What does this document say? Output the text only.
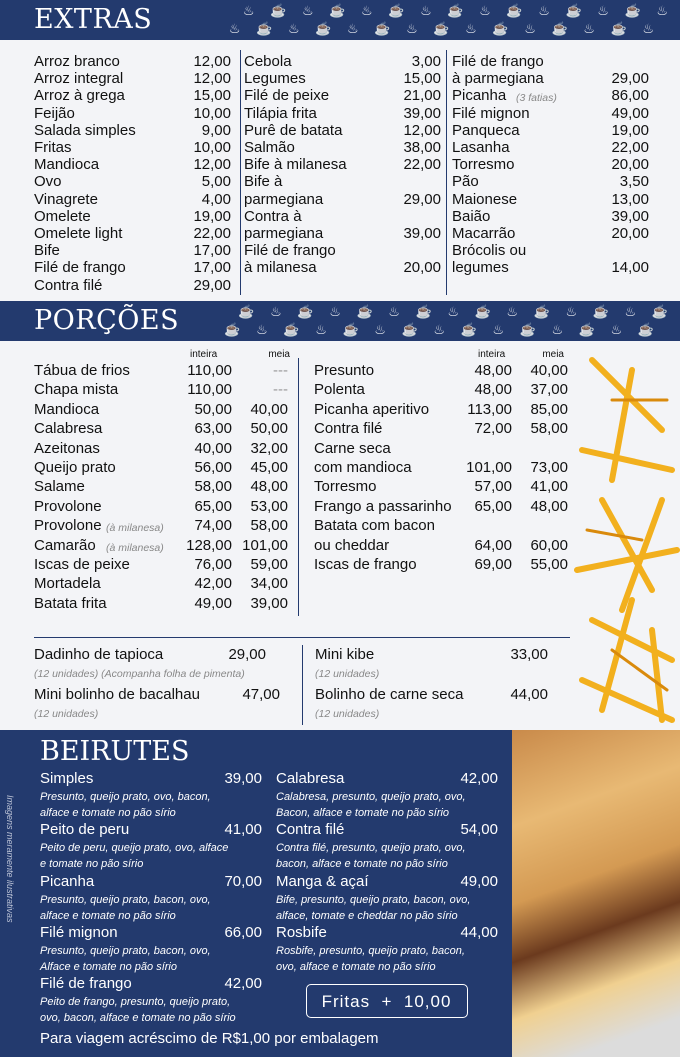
EXTRAS	♨ ☕ ♨ ☕ ♨ ☕ ♨ ☕ ♨ ☕ ♨ ☕ ♨ ☕ ♨
♨ ☕ ♨ ☕ ♨ ☕ ♨ ☕ ♨ ☕ ♨ ☕ ♨ ☕ ♨
Arroz branco	12,00
Arroz integral	12,00
Arroz à grega	15,00
Feijão	10,00
Salada simples	9,00
Fritas	10,00
Mandioca	12,00
Ovo	5,00
Vinagrete	4,00
Omelete	19,00
Omelete light	22,00
Bife	17,00
Filé de frango	17,00
Contra filé	29,00
Cebola	3,00
Legumes	15,00
Filé de peixe	21,00
Tilápia frita	39,00
Purê de batata	12,00
Salmão	38,00
Bife à milanesa	22,00
Bife à
parmegiana	29,00
Contra à
parmegiana	39,00
Filé de frango
à milanesa	20,00
Filé de frango
à parmegiana	29,00
Picanha (3 fatias)	86,00
Filé mignon	49,00
Panqueca	19,00
Lasanha	22,00
Torresmo	20,00
Pão	3,50
Maionese	13,00
Baião	39,00
Macarrão	20,00
Brócolis ou
legumes	14,00
PORÇÕES	☕ ♨ ☕ ♨ ☕ ♨ ☕ ♨ ☕ ♨ ☕ ♨ ☕ ♨ ☕
☕ ♨ ☕ ♨ ☕ ♨ ☕ ♨ ☕ ♨ ☕ ♨ ☕ ♨ ☕
inteira	meia	inteira	meia
Tábua de frios	110,00	---
Chapa mista	110,00	---
Mandioca	50,00 40,00
Calabresa	63,00 50,00
Azeitonas	40,00 32,00
Queijo prato	56,00 45,00
Salame	58,00 48,00
Provolone	65,00 53,00
Provolone (à milanesa) 74,00 58,00
Camarão (à milanesa) 128,00 101,00
Iscas de peixe	76,00 59,00
Mortadela	42,00 34,00
Batata frita	49,00 39,00
Presunto	48,00 40,00
Polenta	48,00 37,00
Picanha aperitivo	113,00 85,00
Contra filé	72,00 58,00
Carne seca
com mandioca	101,00 73,00
Torresmo	57,00 41,00
Frango a passarinho 65,00 48,00
Batata com bacon
ou cheddar	64,00 60,00
Iscas de frango	69,00 55,00
Dadinho de tapioca	29,00
(12 unidades) (Acompanha folha de pimenta)
Mini bolinho de bacalhau	47,00
(12 unidades)
Mini kibe	33,00
(12 unidades)
Bolinho de carne seca	44,00
(12 unidades)
BEIRUTES
Simples	39,00
Presunto, queijo prato, ovo, bacon,
alface e tomate no pão sírio
Peito de peru	41,00
Peito de peru, queijo prato, ovo, alface
e tomate no pão sírio
Picanha	70,00
Presunto, queijo prato, bacon, ovo,
alface e tomate no pão sírio
Filé mignon	66,00
Presunto, queijo prato, bacon, ovo,
Alface e tomate no pão sírio
Filé de frango	42,00
Peito de frango, presunto, queijo prato,
ovo, bacon, alface e tomate no pão sírio
Calabresa	42,00
Calabresa, presunto, queijo prato, ovo,
Bacon, alface e tomate no pão sírio
Contra filé	54,00
Contra filé, presunto, queijo prato, ovo,
bacon, alface e tomate no pão sírio
Manga & açaí	49,00
Bife, presunto, queijo prato, bacon, ovo,
alface, tomate e cheddar no pão sírio
Rosbife	44,00
Rosbife, presunto, queijo prato, bacon,
ovo, alface e tomate no pão sírio
Fritas  +  10,00
Para viagem acréscimo de R$1,00 por embalagem
Imagens meramente ilustrativas
